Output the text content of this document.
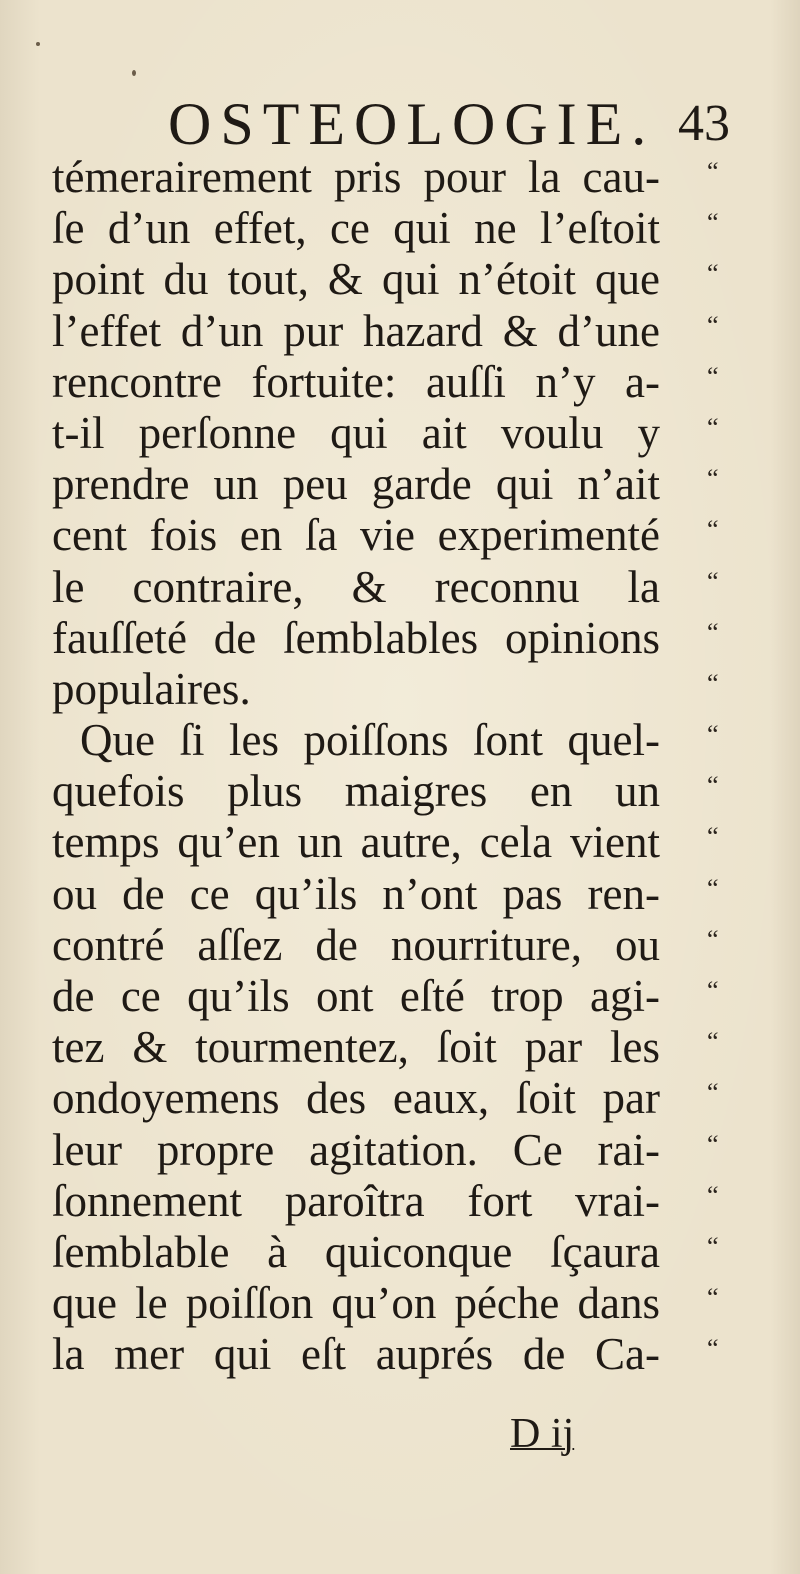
OSTEOLOGIE. 43
témerairement pris pour la cau- “
ſe d’un effet, ce qui ne l’eſtoit “
point du tout, & qui n’étoit que “
l’effet d’un pur hazard & d’une “
rencontre fortuite: auſſi n’y a- “
t-il perſonne qui ait voulu y “
prendre un peu garde qui n’ait “
cent fois en ſa vie experimenté “
le contraire, & reconnu la “
fauſſeté de ſemblables opinions “
populaires.	“
Que ſi les poiſſons ſont quel- “
quefois plus maigres en un “
temps qu’en un autre, cela vient “
ou de ce qu’ils n’ont pas ren- “
contré aſſez de nourriture, ou “
de ce qu’ils ont eſté trop agi- “
tez & tourmentez, ſoit par les “
ondoyemens des eaux, ſoit par “
leur propre agitation. Ce rai- “
ſonnement paroîtra fort vrai- “
ſemblable à quiconque ſçaura “
que le poiſſon qu’on péche dans “
la mer qui eſt auprés de Ca- “
D ij
